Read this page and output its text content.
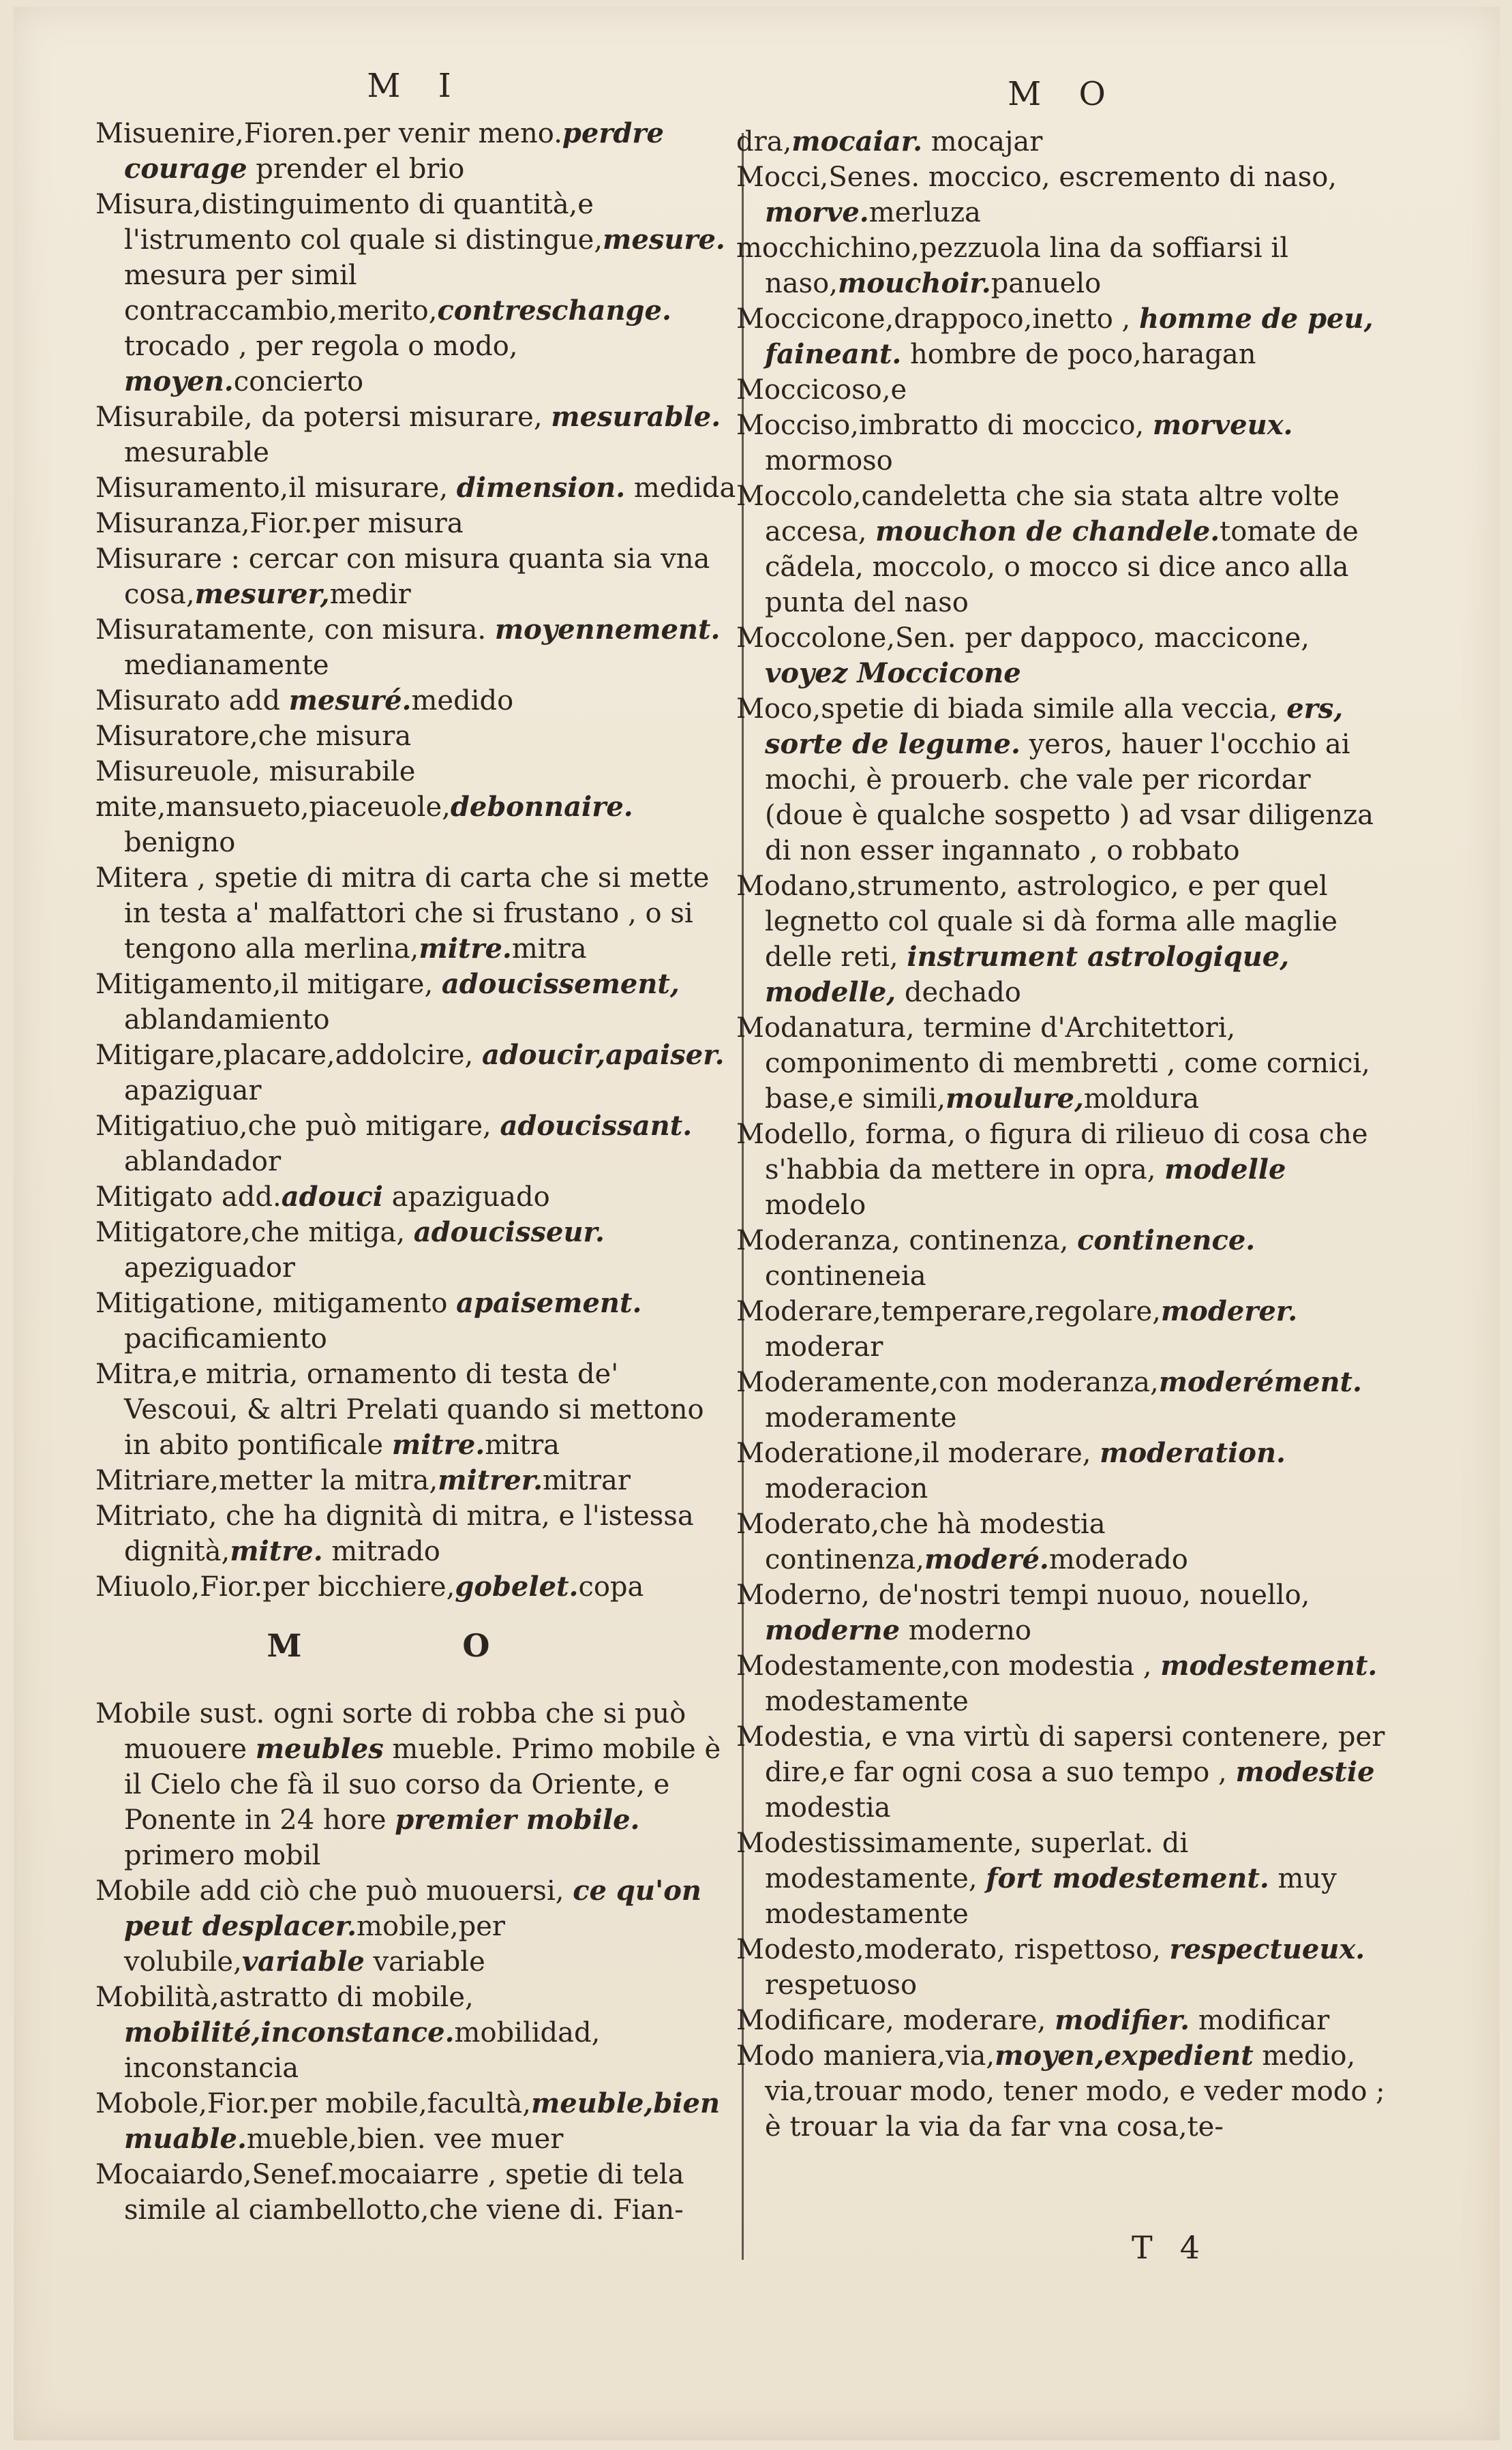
M I

Misuenire,Fioren.per venir meno.perdre courage prender el brio

Misura,distinguimento di quantità,e l'istrumento col quale si distingue,mesure. mesura per simil contraccambio,merito,contreschange. trocado , per regola o modo, moyen.concierto

Misurabile, da potersi misurare, mesurable. mesurable

Misuramento,il misurare, dimension. medida

Misuranza,Fior.per misura

Misurare : cercar con misura quanta sia vna cosa,mesurer,medir

Misuratamente, con misura. moyennement. medianamente

Misurato add mesuré.medido

Misuratore,che misura

Misureuole, misurabile

mite,mansueto,piaceuole,debonnaire. benigno

Mitera , spetie di mitra di carta che si mette in testa a' malfattori che si frustano , o si tengono alla merlina,mitre.mitra

Mitigamento,il mitigare, adoucissement, ablandamiento

Mitigare,placare,addolcire, adoucir,apaiser. apaziguar

Mitigatiuo,che può mitigare, adoucissant. ablandador

Mitigato add.adouci apaziguado

Mitigatore,che mitiga, adoucisseur. apeziguador

Mitigatione, mitigamento apaisement. pacificamiento

Mitra,e mitria, ornamento di testa de' Vescoui, & altri Prelati quando si mettono in abito pontificale mitre.mitra

Mitriare,metter la mitra,mitrer.mitrar

Mitriato, che ha dignità di mitra, e l'istessa dignità,mitre. mitrado

Miuolo,Fior.per bicchiere,gobelet.copa

M O

Mobile sust. ogni sorte di robba che si può muouere meubles mueble. Primo mobile è il Cielo che fà il suo corso da Oriente, e Ponente in 24 hore premier mobile. primero mobil

Mobile add ciò che può muouersi, ce qu'on peut desplacer.mobile,per volubile,variable variable

Mobilità,astratto di mobile, mobilité,inconstance.mobilidad, inconstancia

Mobole,Fior.per mobile,facultà,meuble,bien muable.mueble,bien. vee muer

Mocaiardo,Senef.mocaiarre , spetie di tela simile al ciambellotto,che viene di. Fian-

M O

dra,mocaiar. mocajar

Mocci,Senes. moccico, escremento di naso, morve.merluza

mocchichino,pezzuola lina da soffiarsi il naso,mouchoir.panuelo

Moccicone,drappoco,inetto , homme de peu, faineant. hombre de poco,haragan

Moccicoso,e

Mocciso,imbratto di moccico, morveux. mormoso

Moccolo,candeletta che sia stata altre volte accesa, mouchon de chandele.tomate de cãdela, moccolo, o mocco si dice anco alla punta del naso

Moccolone,Sen. per dappoco, maccicone, voyez Moccicone

Moco,spetie di biada simile alla veccia, ers, sorte de legume. yeros, hauer l'occhio ai mochi, è prouerb. che vale per ricordar (doue è qualche sospetto ) ad vsar diligenza di non esser ingannato , o robbato

Modano,strumento, astrologico, e per quel legnetto col quale si dà forma alle maglie delle reti, instrument astrologique, modelle, dechado

Modanatura, termine d'Architettori, componimento di membretti , come cornici, base,e simili,moulure,moldura

Modello, forma, o figura di rilieuo di cosa che s'habbia da mettere in opra, modelle modelo

Moderanza, continenza, continence. contineneia

Moderare,temperare,regolare,moderer. moderar

Moderamente,con moderanza,moderément. moderamente

Moderatione,il moderare, moderation. moderacion

Moderato,che hà modestia continenza,moderé.moderado

Moderno, de'nostri tempi nuouo, nouello, moderne moderno

Modestamente,con modestia , modestement. modestamente

Modestia, e vna virtù di sapersi contenere, per dire,e far ogni cosa a suo tempo , modestie modestia

Modestissimamente, superlat. di modestamente, fort modestement. muy modestamente

Modesto,moderato, rispettoso, respectueux. respetuoso

Modificare, moderare, modifier. modificar

Modo maniera,via,moyen,expedient medio, via,trouar modo, tener modo, e veder modo ; è trouar la via da far vna cosa,te-

T4
